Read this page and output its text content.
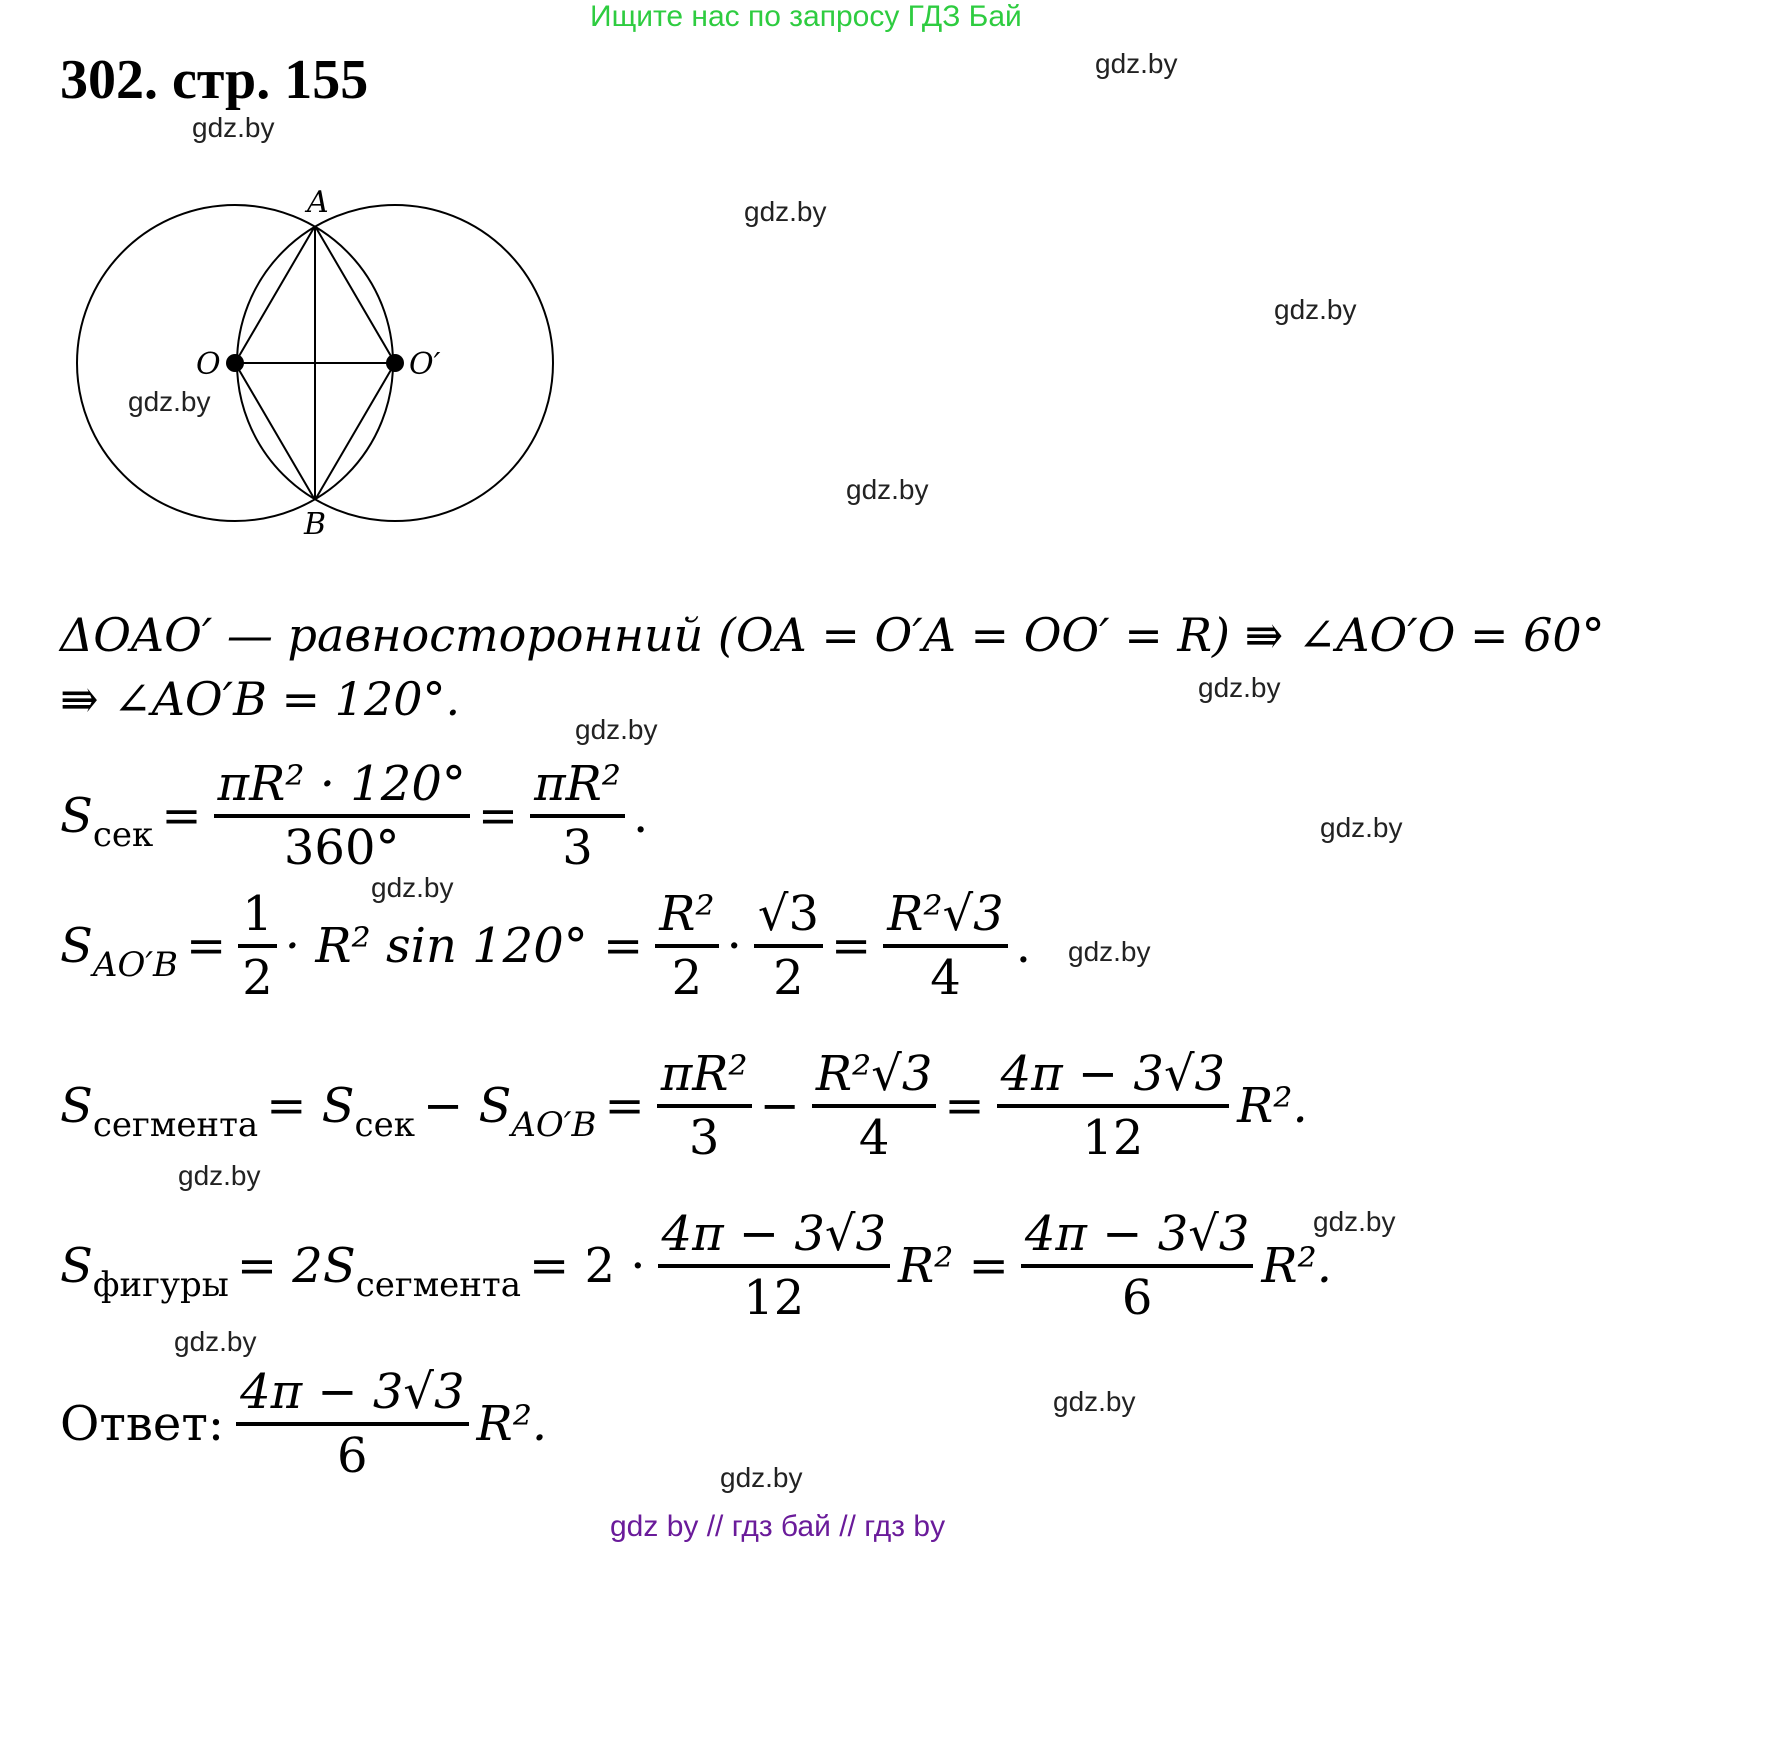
Ищите нас по запросу ГДЗ Бай
302. стр. 155	gdz.by
gdz.by
gdz.by
gdz.by
gdz.by
gdz.by
gdz.by
gdz.by
gdz.by
gdz.by
gdz.by
gdz.by
gdz.by
gdz.by
gdz.by
gdz.by
A
B
O	O′
ΔOAO′ — равносторонний (OA = O′A = OO′ = R) ⇛ ∠AO′O = 60°
⇛ ∠AO′B = 120°.
$S_{сек} = \frac{\text{πR² · 120°}}{360^\circ} = \frac{\text{πR²}}{3}$ .
$S_{AO'B} = \frac{1}{2} \cdot R^2$ $\sin 120^\circ = \frac{\text{R²}}{2} \cdot \frac{√3}{2} = \frac{\text{R²√3}}{4}$ .
$S_{сегмента} = S_{сек} - S_{AO'B} = \frac{\text{πR²}}{3} - \frac{\text{R²√3}}{4} = \frac{4\pi - 3√3}{12} R^2$.
$S_{фигуры} = 2S_{сегмента} = 2 \cdot \frac{4\pi - 3√3}{12} R^2 = \frac{4\pi - 3√3}{6} R^2$.
Ответ: $\frac{4\pi - 3√3}{6} R^2$.
gdz by // гдз бай // гдз by
